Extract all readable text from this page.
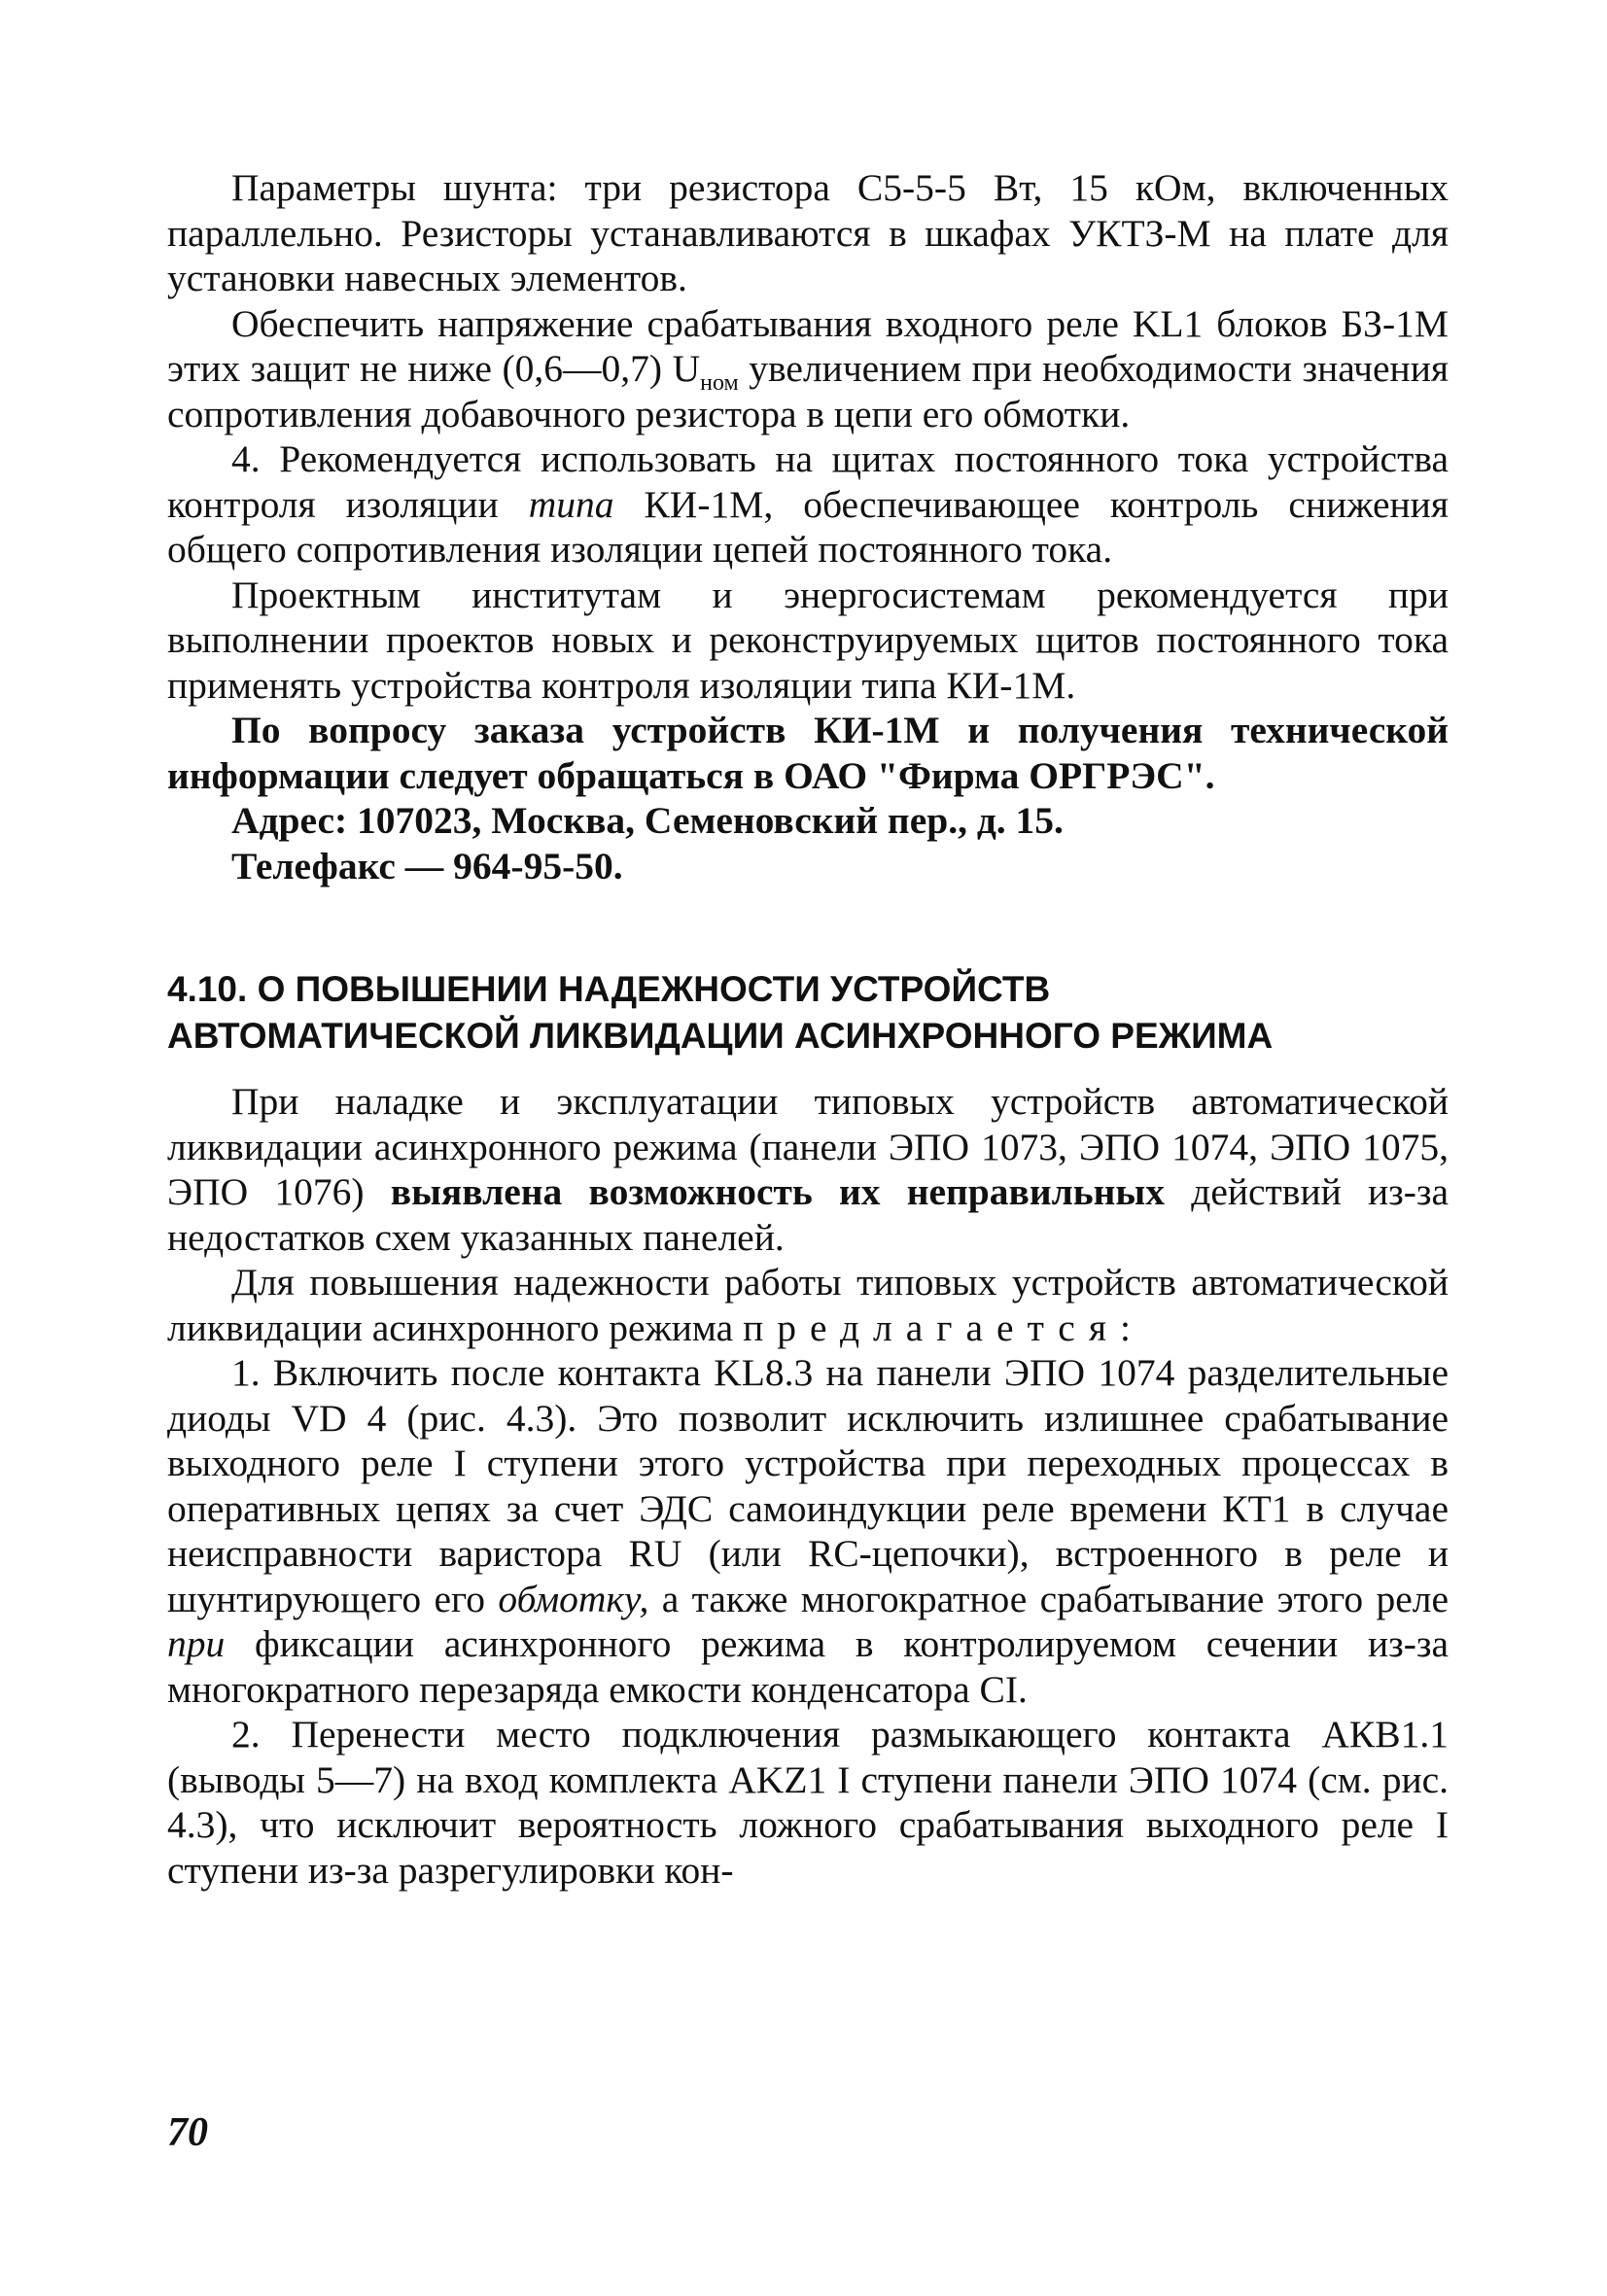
Параметры шунта: три резистора С5-5-5 Вт, 15 кОм, включенных параллельно. Резисторы устанавливаются в шкафах УКТЗ-М на плате для установки навесных элементов.

Обеспечить напряжение срабатывания входного реле KL1 блоков БЗ-1М этих защит не ниже (0,6—0,7) $U_{ном}$ увеличением при необходимости значения сопротивления добавочного резистора в цепи его обмотки.

4. Рекомендуется использовать на щитах постоянного тока устройства контроля изоляции типа КИ-1М, обеспечивающее контроль снижения общего сопротивления изоляции цепей постоянного тока.

Проектным институтам и энергосистемам рекомендуется при выполнении проектов новых и реконструируемых щитов постоянного тока применять устройства контроля изоляции типа КИ-1М.

По вопросу заказа устройств КИ-1М и получения технической информации следует обращаться в ОАО "Фирма ОРГРЭС".

Адрес: 107023, Москва, Семеновский пер., д. 15.

Телефакс — 964-95-50.

4.10. О ПОВЫШЕНИИ НАДЕЖНОСТИ УСТРОЙСТВ
АВТОМАТИЧЕСКОЙ ЛИКВИДАЦИИ АСИНХРОННОГО РЕЖИМА

При наладке и эксплуатации типовых устройств автоматической ликвидации асинхронного режима (панели ЭПО 1073, ЭПО 1074, ЭПО 1075, ЭПО 1076) выявлена возможность их неправильных действий из-за недостатков схем указанных панелей.

Для повышения надежности работы типовых устройств автоматической ликвидации асинхронного режима предлагается:

1. Включить после контакта KL8.3 на панели ЭПО 1074 разделительные диоды VD 4 (рис. 4.3). Это позволит исключить излишнее срабатывание выходного реле I ступени этого устройства при переходных процессах в оперативных цепях за счет ЭДС самоиндукции реле времени КТ1 в случае неисправности варистора RU (или RC-цепочки), встроенного в реле и шунтирующего его обмотку, а также многократное срабатывание этого реле при фиксации асинхронного режима в контролируемом сечении из-за многократного перезаряда емкости конденсатора CI.

2. Перенести место подключения размыкающего контакта АКВ1.1 (выводы 5—7) на вход комплекта AKZ1 I ступени панели ЭПО 1074 (см. рис. 4.3), что исключит вероятность ложного срабатывания выходного реле I ступени из-за разрегулировки кон-

70
